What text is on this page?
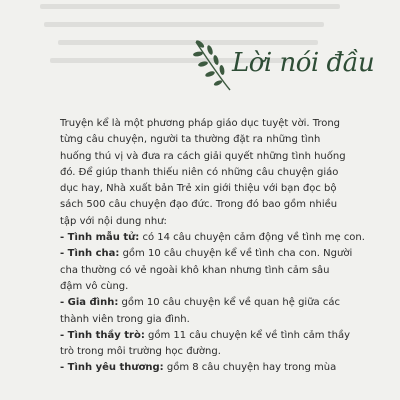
Lời nói đầu

Truyện kể là một phương pháp giáo dục tuyệt vời. Trong
từng câu chuyện, người ta thường đặt ra những tình
huống thú vị và đưa ra cách giải quyết những tình huống
đó. Để giúp thanh thiếu niên có những câu chuyện giáo
dục hay, Nhà xuất bản Trẻ xin giới thiệu với bạn đọc bộ
sách 500 câu chuyện đạo đức. Trong đó bao gồm nhiều
tập với nội dung như:

- Tình mẫu tử: có 14 câu chuyện cảm động về tình mẹ con.

- Tình cha: gồm 10 câu chuyện kể về tình cha con. Người
cha thường có vẻ ngoài khô khan nhưng tình cảm sâu
đậm vô cùng.

- Gia đình: gồm 10 câu chuyện kể về quan hệ giữa các
thành viên trong gia đình.

- Tình thầy trò: gồm 11 câu chuyện kể về tình cảm thầy
trò trong môi trường học đường.

- Tình yêu thương: gồm 8 câu chuyện hay trong mùa
